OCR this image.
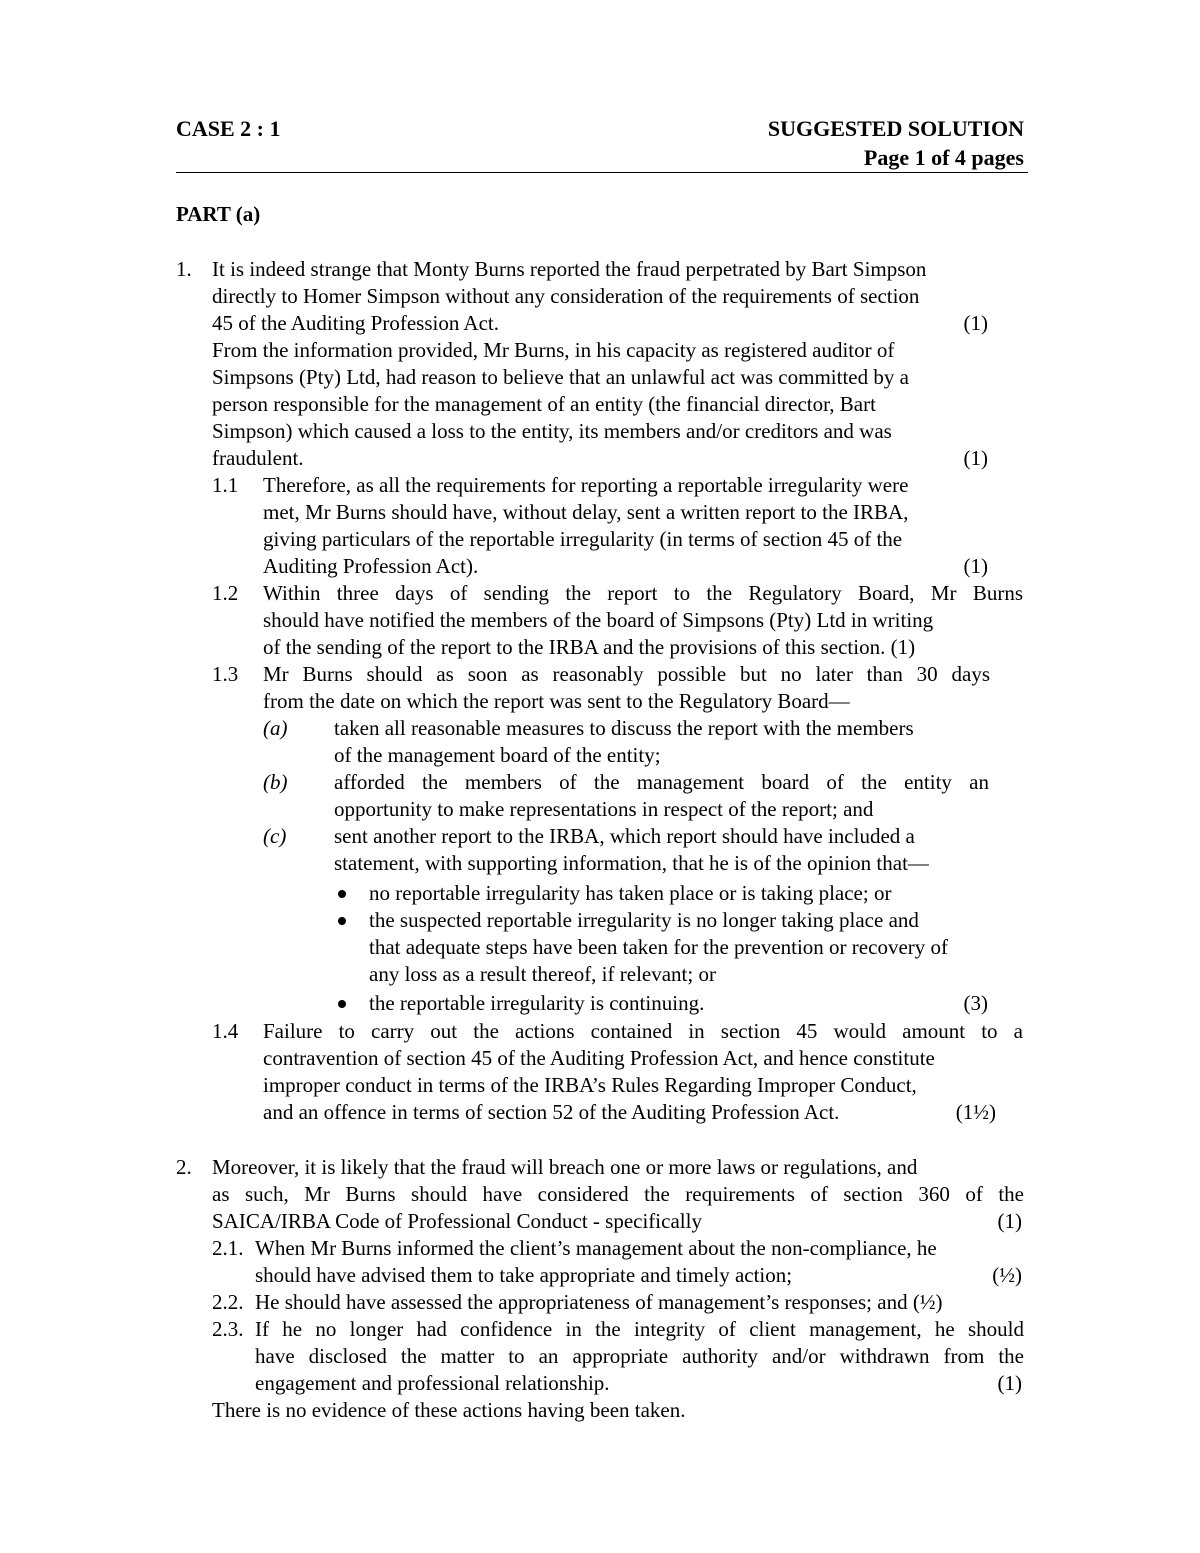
CASE 2 : 1	SUGGESTED SOLUTION
Page 1 of 4 pages
PART (a)
1. It is indeed strange that Monty Burns reported the fraud perpetrated by Bart Simpson
directly to Homer Simpson without any consideration of the requirements of section
45 of the Auditing Profession Act.	(1)
From the information provided, Mr Burns, in his capacity as registered auditor of
Simpsons (Pty) Ltd, had reason to believe that an unlawful act was committed by a
person responsible for the management of an entity (the financial director, Bart
Simpson) which caused a loss to the entity, its members and/or creditors and was
fraudulent.	(1)
1.1 Therefore, as all the requirements for reporting a reportable irregularity were
met, Mr Burns should have, without delay, sent a written report to the IRBA,
giving particulars of the reportable irregularity (in terms of section 45 of the
Auditing Profession Act).	(1)
1.2 Within three days of sending the report to the Regulatory Board, Mr Burns
should have notified the members of the board of Simpsons (Pty) Ltd in writing
of the sending of the report to the IRBA and the provisions of this section. (1)
1.3 Mr Burns should as soon as reasonably possible but no later than 30 days
from the date on which the report was sent to the Regulatory Board—
(a) taken all reasonable measures to discuss the report with the members
of the management board of the entity;
(b) afforded the members of the management board of the entity an
opportunity to make representations in respect of the report; and
(c) sent another report to the IRBA, which report should have included a
statement, with supporting information, that he is of the opinion that—
no reportable irregularity has taken place or is taking place; or
the suspected reportable irregularity is no longer taking place and
that adequate steps have been taken for the prevention or recovery of
any loss as a result thereof, if relevant; or
the reportable irregularity is continuing.	(3)
1.4 Failure to carry out the actions contained in section 45 would amount to a
contravention of section 45 of the Auditing Profession Act, and hence constitute
improper conduct in terms of the IRBA’s Rules Regarding Improper Conduct,
and an offence in terms of section 52 of the Auditing Profession Act.	(1½)
2. Moreover, it is likely that the fraud will breach one or more laws or regulations, and
as such, Mr Burns should have considered the requirements of section 360 of the
SAICA/IRBA Code of Professional Conduct - specifically	(1)
2.1. When Mr Burns informed the client’s management about the non-compliance, he
should have advised them to take appropriate and timely action;	(½)
2.2. He should have assessed the appropriateness of management’s responses; and (½)
2.3. If he no longer had confidence in the integrity of client management, he should
have disclosed the matter to an appropriate authority and/or withdrawn from the
engagement and professional relationship.	(1)
There is no evidence of these actions having been taken.
